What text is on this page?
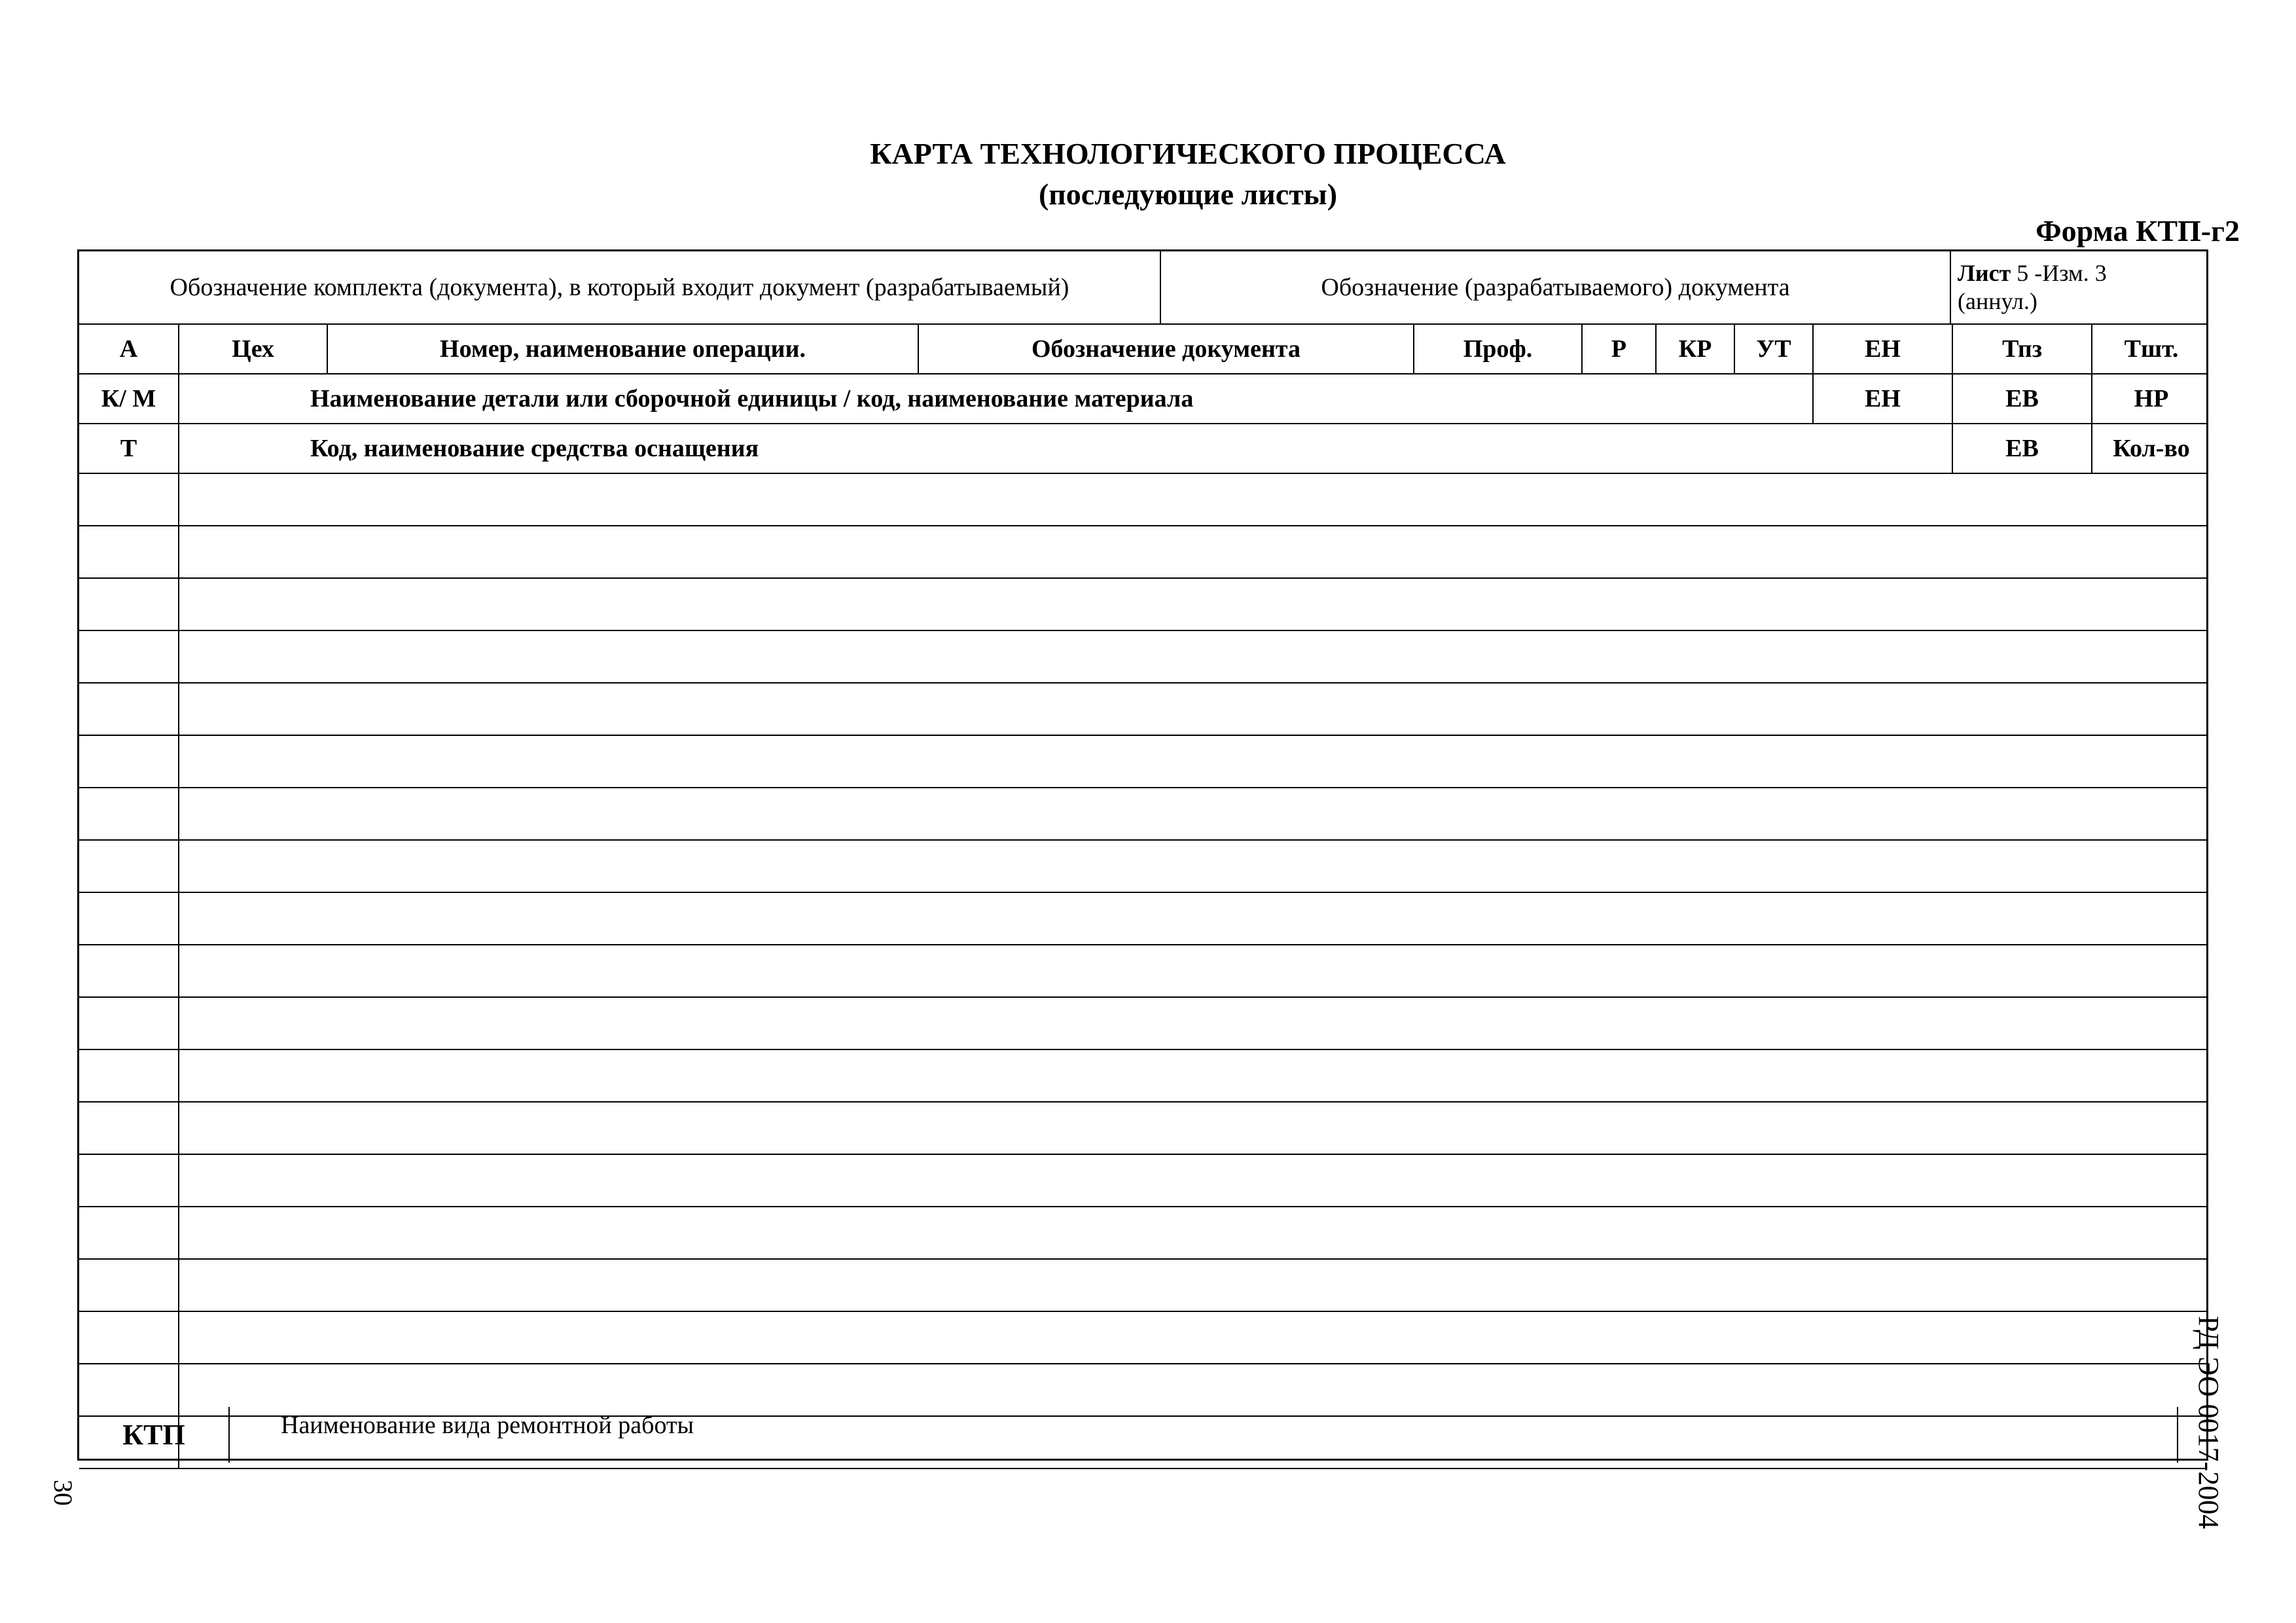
КАРТА ТЕХНОЛОГИЧЕСКОГО ПРОЦЕССА
(последующие листы)
Форма КТП-г2
Обозначение комплекта (документа), в который входит документ (разрабатываемый)	Обозначение (разрабатываемого) документа
Лист 5 -Изм. 3
(аннул.)
А	Цех	Номер, наименование операции.	Обозначение документа	Проф.	Р	КР	УТ	ЕН	Тпз	Тшт.
К/ М	Наименование детали или сборочной единицы / код, наименование материала	ЕН	ЕВ	НР
Т	Код, наименование средства оснащения	ЕВ	Кол-во
КТП	Наименование вида ремонтной работы
30	РД ЭО 0017-2004
